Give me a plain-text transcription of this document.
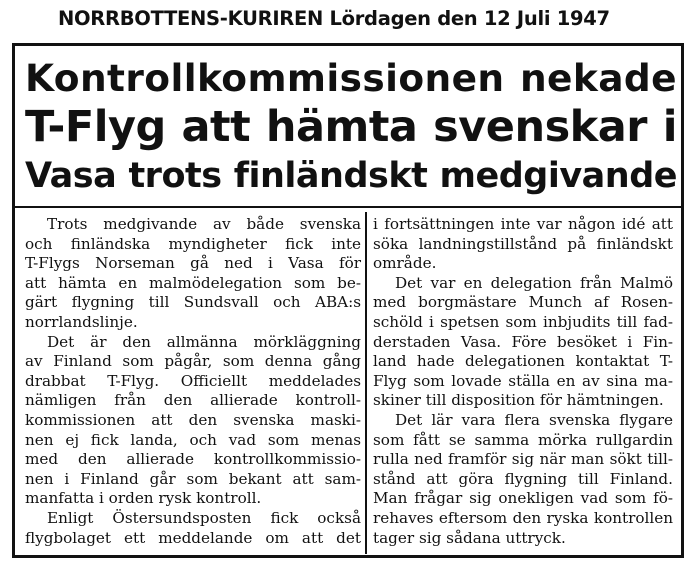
NORRBOTTENS-KURIREN Lördagen den 12 Juli 1947
Kontrollkommissionen nekade
T-Flyg att hämta svenskar i
Vasa trots finländskt medgivande
Trots medgivande av både svenska
och finländska myndigheter fick inte
T-Flygs Norseman gå ned i Vasa för
att hämta en malmödelegation som be-
gärt flygning till Sundsvall och ABA:s
norrlandslinje.
Det är den allmänna mörkläggning
av Finland som pågår, som denna gång
drabbat T-Flyg. Officiellt meddelades
nämligen från den allierade kontroll-
kommissionen att den svenska maski-
nen ej fick landa, och vad som menas
med den allierade kontrollkommissio-
nen i Finland går som bekant att sam-
manfatta i orden rysk kontroll.
Enligt Östersundsposten fick också
flygbolaget ett meddelande om att det
i fortsättningen inte var någon idé att
söka landningstillstånd på finländskt
område.
Det var en delegation från Malmö
med borgmästare Munch af Rosen-
schöld i spetsen som inbjudits till fad-
derstaden Vasa. Före besöket i Fin-
land hade delegationen kontaktat T-
Flyg som lovade ställa en av sina ma-
skiner till disposition för hämtningen.
Det lär vara flera svenska flygare
som fått se samma mörka rullgardin
rulla ned framför sig när man sökt till-
stånd att göra flygning till Finland.
Man frågar sig onekligen vad som fö-
rehaves eftersom den ryska kontrollen
tager sig sådana uttryck.
